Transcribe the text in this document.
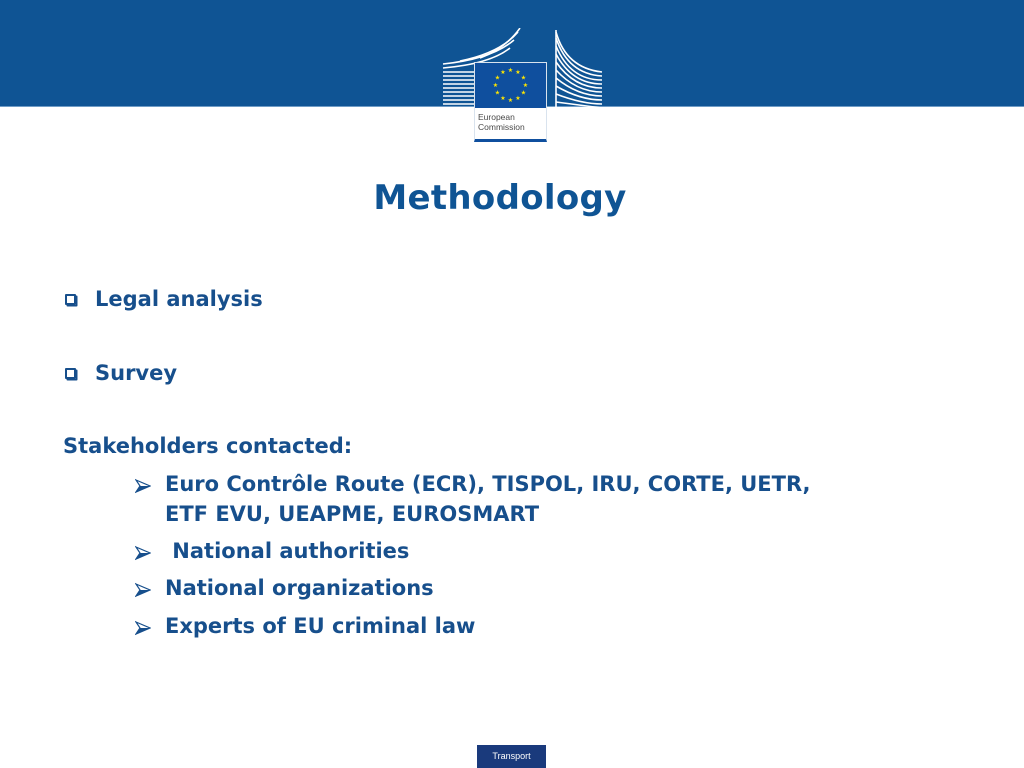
★ ★
★
★
★
★
★
★
★
★
★
★
European
Commission
Methodology
Legal analysis
Survey
Stakeholders contacted:
Euro Contrôle Route (ECR), TISPOL, IRU, CORTE, UETR,
ETF EVU, UEAPME, EUROSMART
National authorities
National organizations
Experts of EU criminal law
Transport
